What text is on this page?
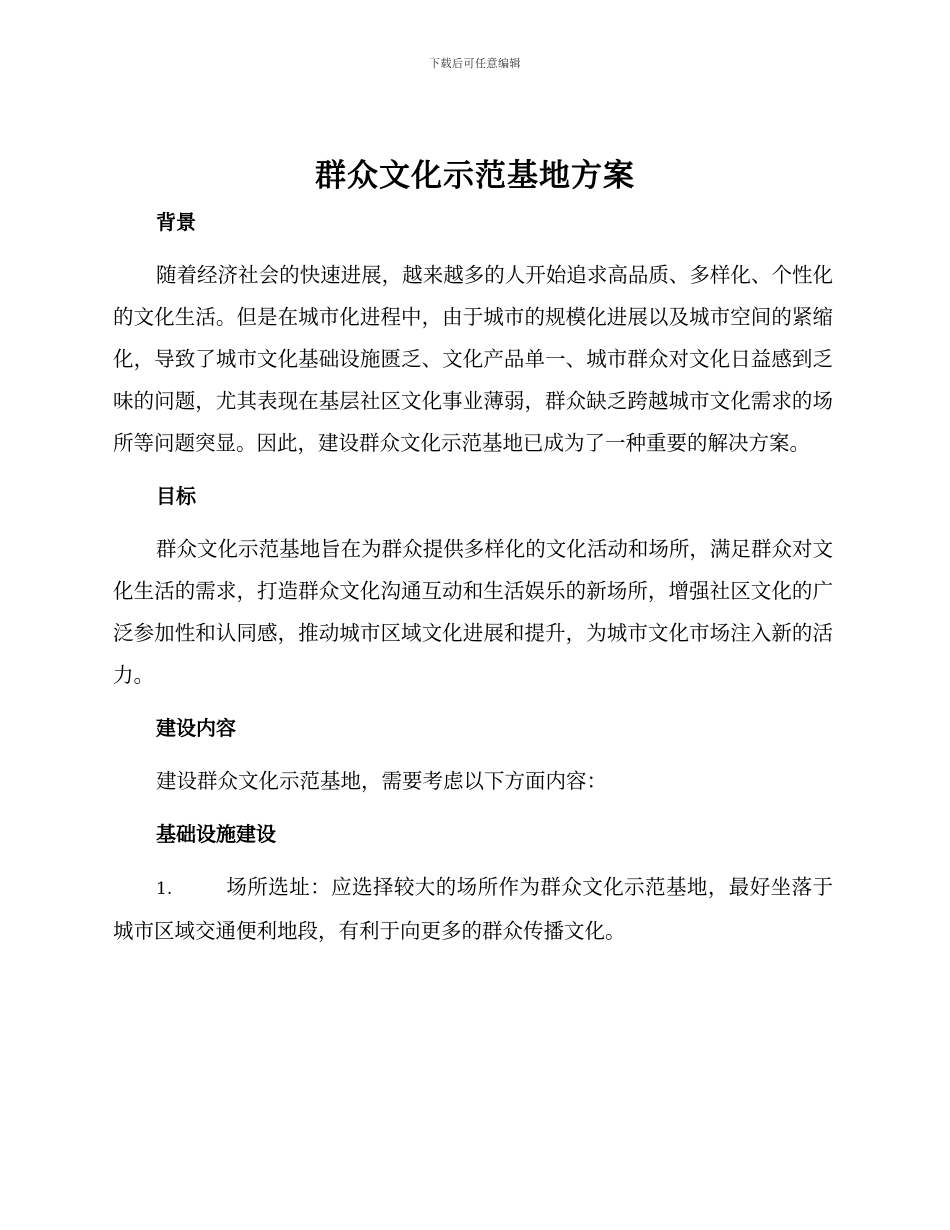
下载后可任意编辑
群众文化示范基地方案
背景

随着经济社会的快速进展，越来越多的人开始追求高品质、多样化、个性化的文化生活。但是在城市化进程中，由于城市的规模化进展以及城市空间的紧缩化，导致了城市文化基础设施匮乏、文化产品单一、城市群众对文化日益感到乏味的问题，尤其表现在基层社区文化事业薄弱，群众缺乏跨越城市文化需求的场所等问题突显。因此，建设群众文化示范基地已成为了一种重要的解决方案。

目标

群众文化示范基地旨在为群众提供多样化的文化活动和场所，满足群众对文化生活的需求，打造群众文化沟通互动和生活娱乐的新场所，增强社区文化的广泛参加性和认同感，推动城市区域文化进展和提升，为城市文化市场注入新的活力。

建设内容

建设群众文化示范基地，需要考虑以下方面内容：

基础设施建设

1.	场所选址：应选择较大的场所作为群众文化示范基地，最好坐落于城市区域交通便利地段，有利于向更多的群众传播文化。
